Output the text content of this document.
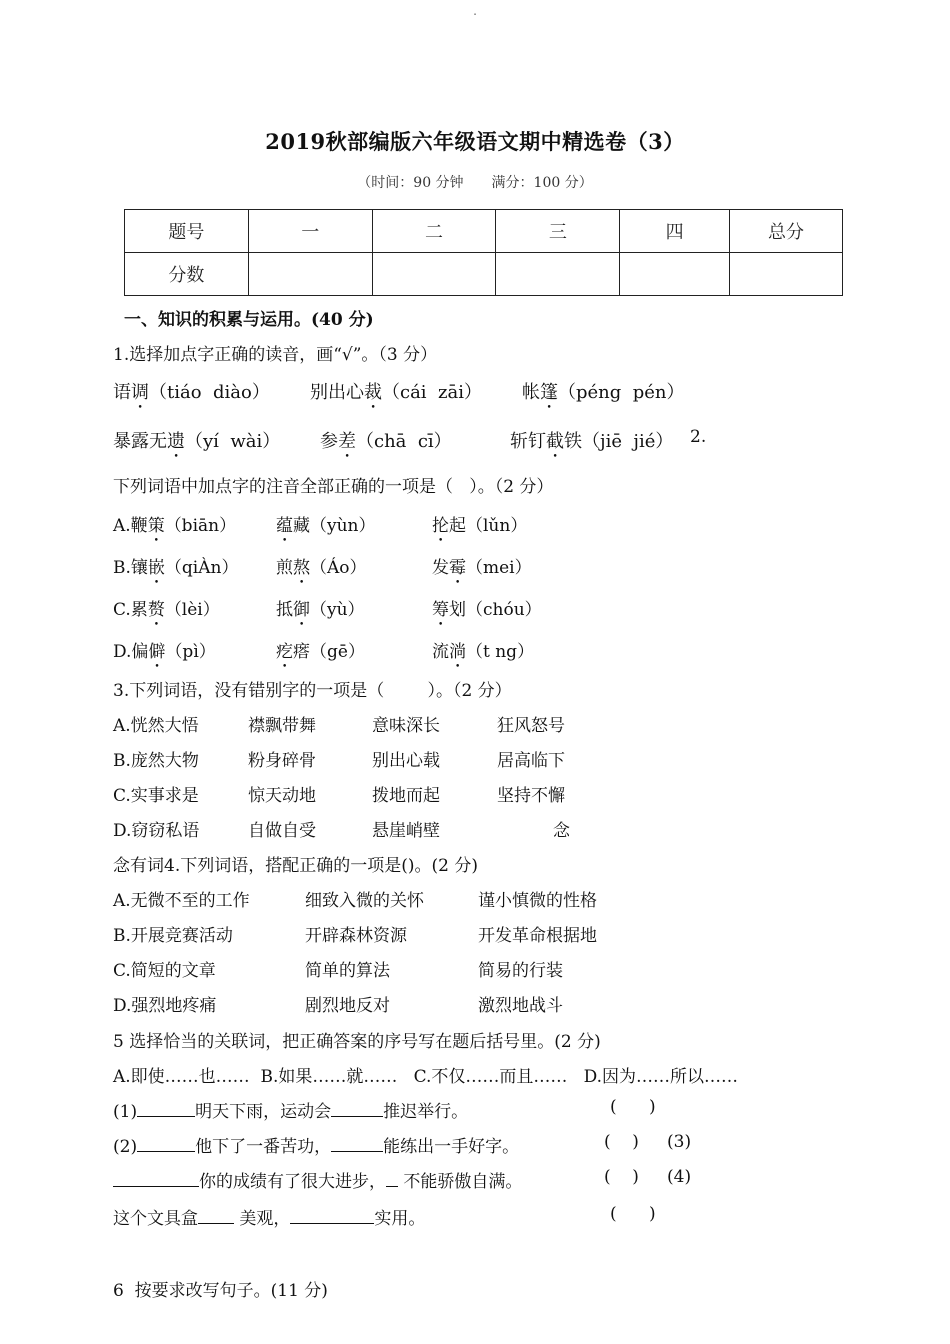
.
2019秋部编版六年级语文期中精选卷（3）
（时间：90 分钟　　满分：100 分）
题号	一	二	三	四	总分
分数					
一、知识的积累与运用。(40 分)
1.选择加点字正确的读音，画“√”。（3 分）
语调（tiáo  diào） 别出心裁（cái  zāi） 帐篷（péng  pén）
暴露无遗（yí  wài） 参差（chā  cī）	斩钉截铁（jiē  jié） 2.
下列词语中加点字的注音全部正确的一项是（   ）。（2 分）
A.鞭策（biān） 蕴藏（yùn）	抡起（lǔn）
B.镶嵌（qiÀn） 煎熬（Áo）	发霉（mei）
C.累赘（lèi）	抵御（yù）	筹划（chóu）
D.偏僻（pì）	疙瘩（gē）	流淌（t ng）
3.下列词语，没有错别字的一项是（        ）。（2 分）
A.恍然大悟	襟飘带舞	意味深长	狂风怒号
B.庞然大物	粉身碎骨	别出心载	居高临下
C.实事求是	惊天动地	拨地而起	坚持不懈
D.窃窃私语	自做自受	悬崖峭壁	念
念有词4.下列词语，搭配正确的一项是()。(2 分)
A.无微不至的工作	细致入微的关怀	谨小慎微的性格
B.开展竞赛活动	开辟森林资源	开发革命根据地
C.简短的文章	简单的算法	简易的行装
D.强烈地疼痛	剧烈地反对	激烈地战斗
5 选择恰当的关联词，把正确答案的序号写在题后括号里。(2 分)
A.即使……也……  B.如果……就……   C.不仅……而且……   D.因为……所以……
(1)	明天下雨，运动会	推迟举行。	(      )
(2)	他下了一番苦功，	能练出一手好字。	(    ) (3)
你的成绩有了很大进步， 不能骄傲自满。	(    ) (4)
这个文具盒 美观，	实用。	(      )
6  按要求改写句子。(11 分)
